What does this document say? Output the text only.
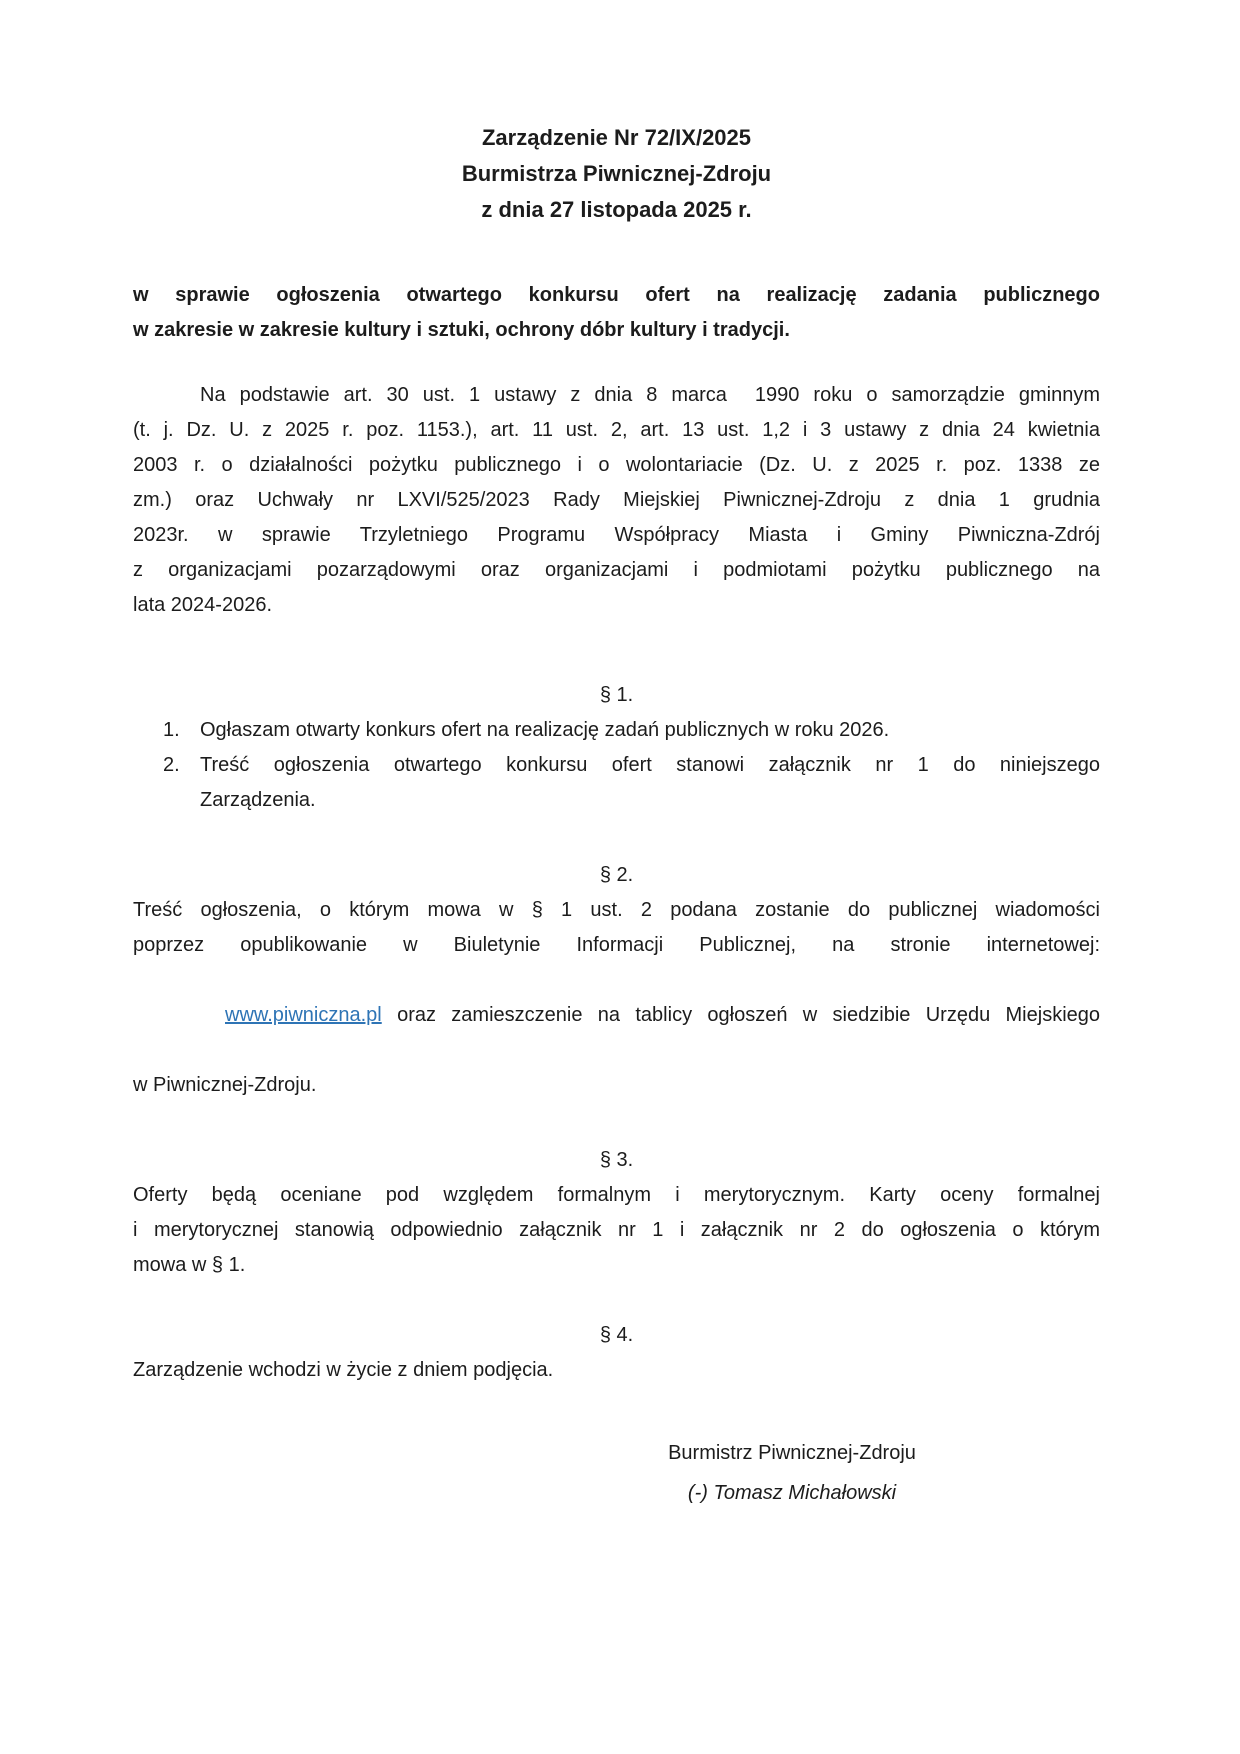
Zarządzenie Nr 72/IX/2025
Burmistrza Piwnicznej-Zdroju
z dnia 27 listopada 2025 r.
w sprawie ogłoszenia otwartego konkursu ofert na realizację zadania publicznego
w zakresie w zakresie kultury i sztuki, ochrony dóbr kultury i tradycji.
Na podstawie art. 30 ust. 1 ustawy z dnia 8 marca  1990 roku o samorządzie gminnym
(t. j. Dz. U. z 2025 r. poz. 1153.), art. 11 ust. 2, art. 13 ust. 1,2 i 3 ustawy z dnia 24 kwietnia
2003 r. o działalności pożytku publicznego i o wolontariacie (Dz. U. z 2025 r. poz. 1338 ze
zm.) oraz Uchwały nr LXVI/525/2023 Rady Miejskiej Piwnicznej-Zdroju z dnia 1 grudnia
2023r. w sprawie Trzyletniego Programu Współpracy Miasta i Gminy Piwniczna-Zdrój
z organizacjami pozarządowymi oraz organizacjami i podmiotami pożytku publicznego na
lata 2024-2026.
§ 1.
1.	Ogłaszam otwarty konkurs ofert na realizację zadań publicznych w roku 2026.
2.	Treść ogłoszenia otwartego konkursu ofert stanowi załącznik nr 1 do niniejszego
Zarządzenia.
§ 2.
Treść ogłoszenia, o którym mowa w § 1 ust. 2 podana zostanie do publicznej wiadomości
poprzez opublikowanie w Biuletynie Informacji Publicznej, na stronie internetowej:

www.piwniczna.pl oraz zamieszczenie na tablicy ogłoszeń w siedzibie Urzędu Miejskiego

w Piwnicznej-Zdroju.
§ 3.
Oferty będą oceniane pod względem formalnym i merytorycznym. Karty oceny formalnej
i merytorycznej stanowią odpowiednio załącznik nr 1 i załącznik nr 2 do ogłoszenia o którym
mowa w § 1.
§ 4.
Zarządzenie wchodzi w życie z dniem podjęcia.
Burmistrz Piwnicznej-Zdroju
(-) Tomasz Michałowski
